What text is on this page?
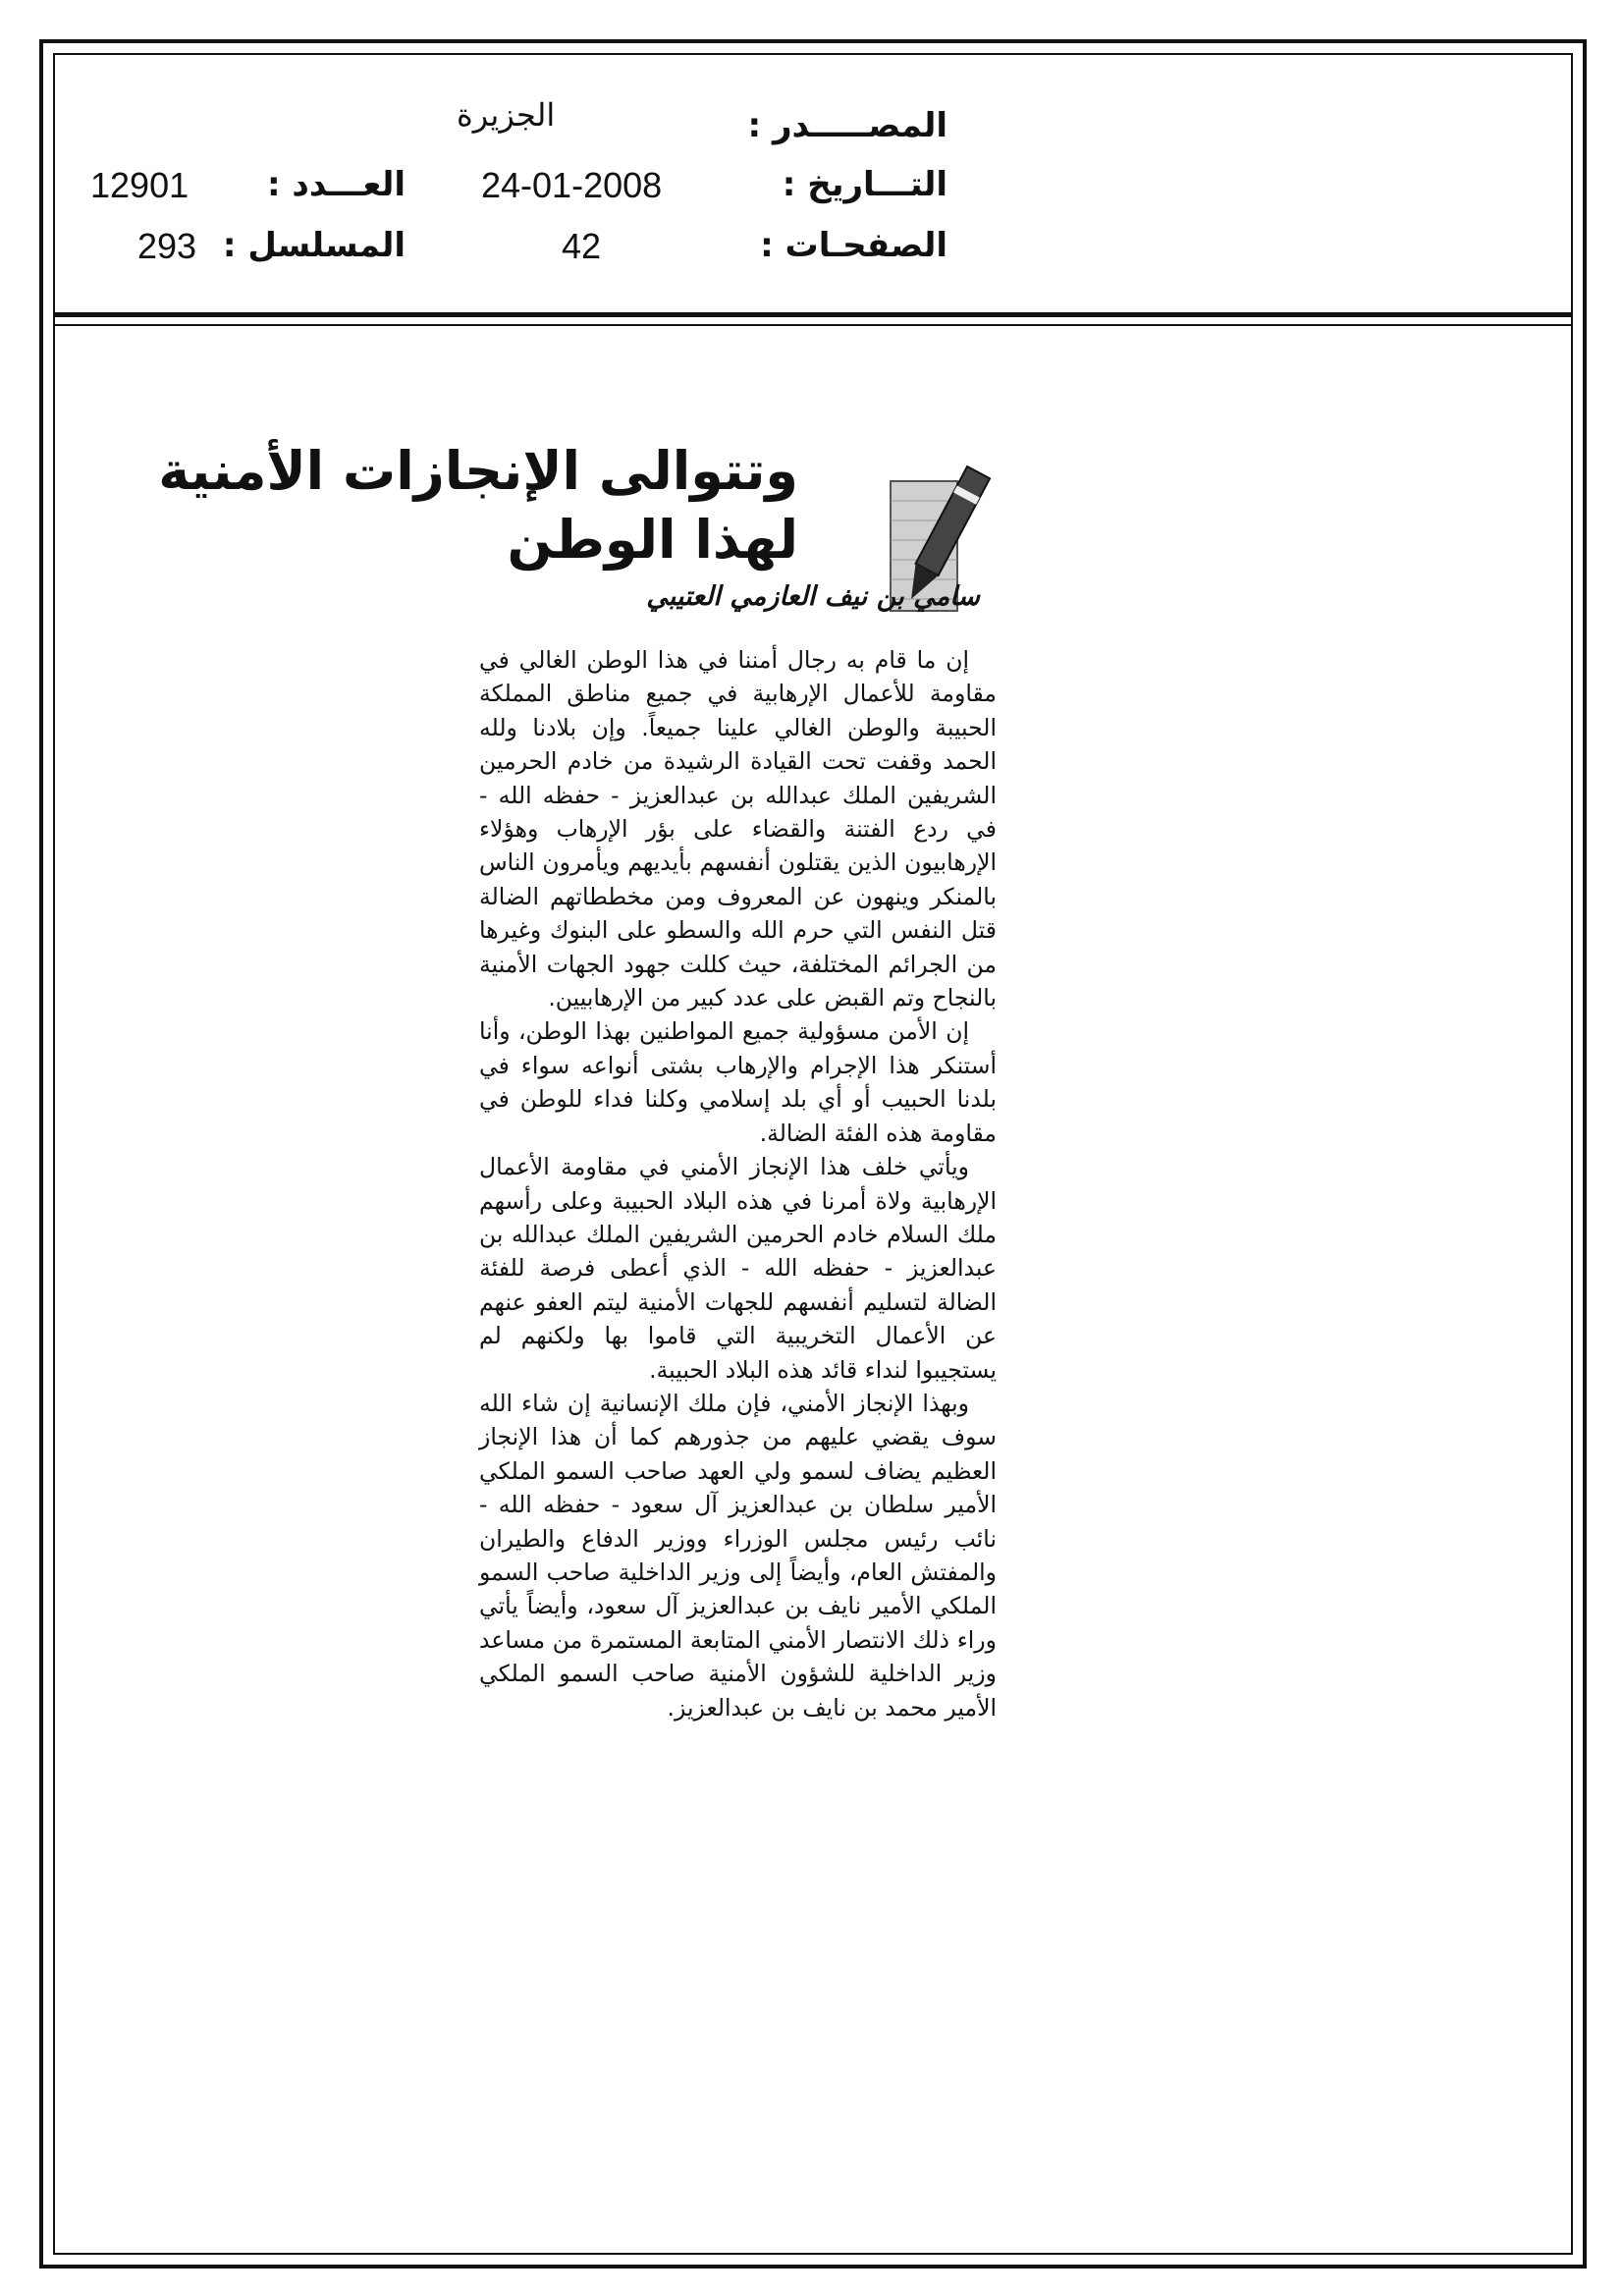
المصـــــدر :
الجزيرة
التـــاريخ :
24-01-2008
العـــدد :
12901
الصفحـات :
42
المسلسل :
293
وتتوالى الإنجازات الأمنية
لهذا الوطن
سامي بن نيف العازمي العتيبي

إن ما قام به رجال أمننا في هذا الوطن الغالي في مقاومة للأعمال الإرهابية في جميع مناطق المملكة الحبيبة والوطن الغالي علينا جميعاً. وإن بلادنا ولله الحمد وقفت تحت القيادة الرشيدة من خادم الحرمين الشريفين الملك عبدالله بن عبدالعزيز - حفظه الله - في ردع الفتنة والقضاء على بؤر الإرهاب وهؤلاء الإرهابيون الذين يقتلون أنفسهم بأيديهم ويأمرون الناس بالمنكر وينهون عن المعروف ومن مخططاتهم الضالة قتل النفس التي حرم الله والسطو على البنوك وغيرها من الجرائم المختلفة، حيث كللت جهود الجهات الأمنية بالنجاح وتم القبض على عدد كبير من الإرهابيين.

إن الأمن مسؤولية جميع المواطنين بهذا الوطن، وأنا أستنكر هذا الإجرام والإرهاب بشتى أنواعه سواء في بلدنا الحبيب أو أي بلد إسلامي وكلنا فداء للوطن في مقاومة هذه الفئة الضالة.

ويأتي خلف هذا الإنجاز الأمني في مقاومة الأعمال الإرهابية ولاة أمرنا في هذه البلاد الحبيبة وعلى رأسهم ملك السلام خادم الحرمين الشريفين الملك عبدالله بن عبدالعزيز - حفظه الله - الذي أعطى فرصة للفئة الضالة لتسليم أنفسهم للجهات الأمنية ليتم العفو عنهم عن الأعمال التخريبية التي قاموا بها ولكنهم لم يستجيبوا لنداء قائد هذه البلاد الحبيبة.

وبهذا الإنجاز الأمني، فإن ملك الإنسانية إن شاء الله سوف يقضي عليهم من جذورهم كما أن هذا الإنجاز العظيم يضاف لسمو ولي العهد صاحب السمو الملكي الأمير سلطان بن عبدالعزيز آل سعود - حفظه الله - نائب رئيس مجلس الوزراء ووزير الدفاع والطيران والمفتش العام، وأيضاً إلى وزير الداخلية صاحب السمو الملكي الأمير نايف بن عبدالعزيز آل سعود، وأيضاً يأتي وراء ذلك الانتصار الأمني المتابعة المستمرة من مساعد وزير الداخلية للشؤون الأمنية صاحب السمو الملكي الأمير محمد بن نايف بن عبدالعزيز.
